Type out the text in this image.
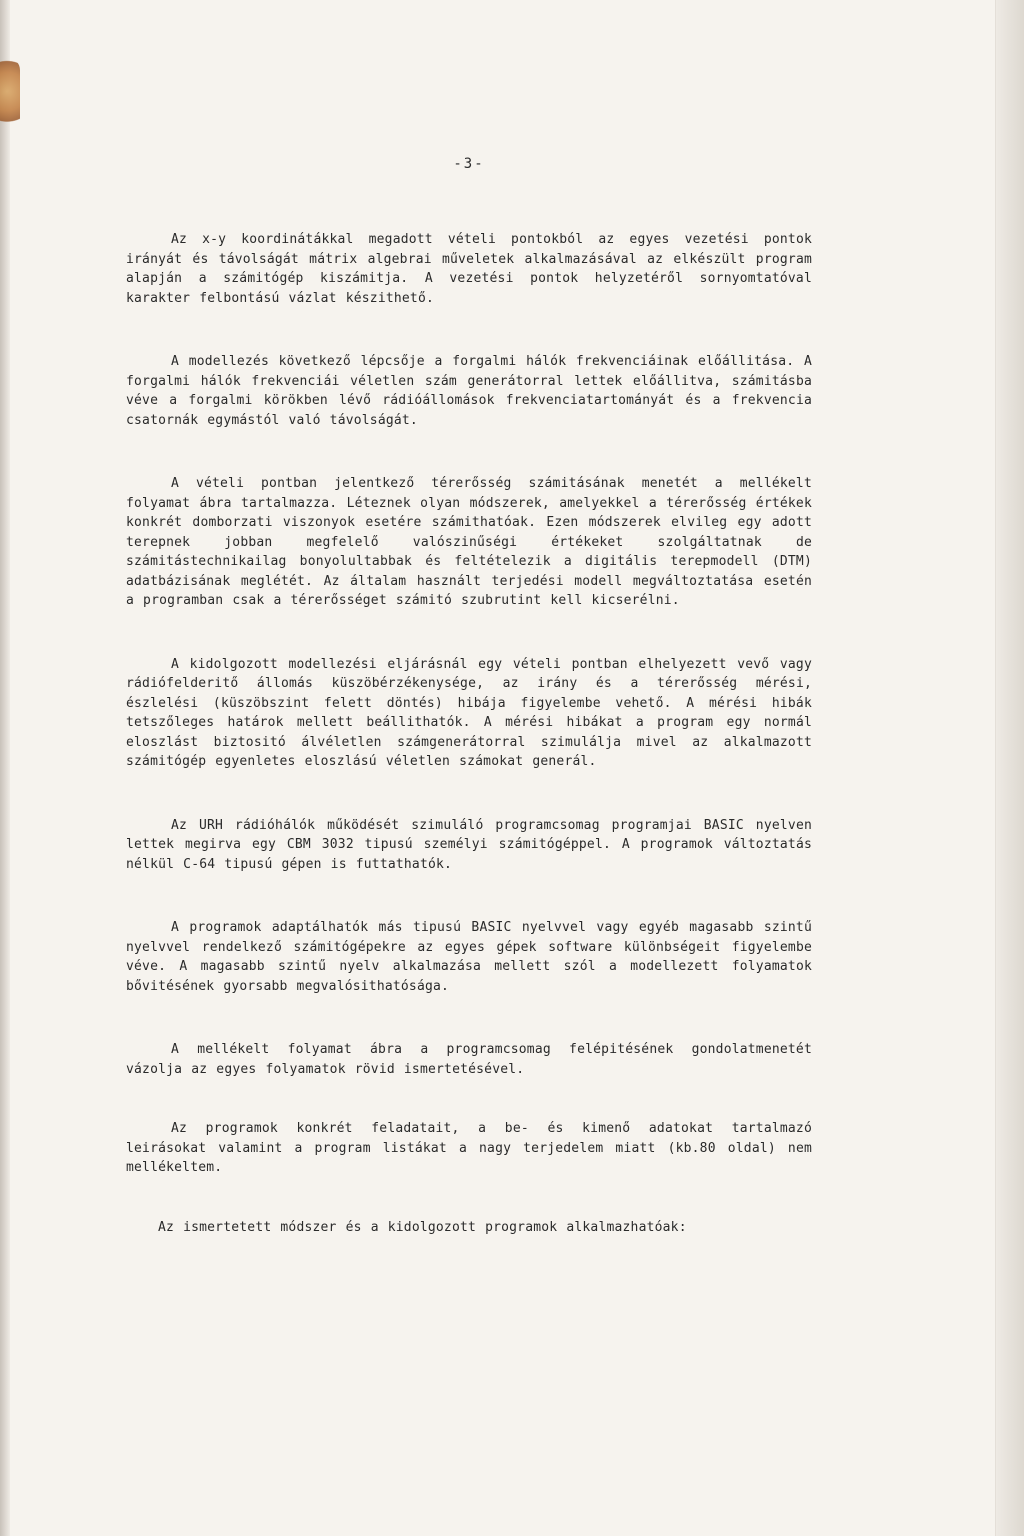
-3-

Az x-y koordinátákkal megadott vételi pontokból az egyes vezetési pontok irányát és távolságát mátrix algebrai műveletek alkalmazásával az elkészült program alapján a számitógép kiszámitja. A vezetési pontok helyzetéről sornyomtatóval karakter felbontású vázlat készithető.

A modellezés következő lépcsője a forgalmi hálók frekvenciáinak előállitása. A forgalmi hálók frekvenciái véletlen szám generátorral lettek előállitva, számitásba véve a forgalmi körökben lévő rádióállomások frekvenciatartományát és a frekvencia csatornák egymástól való távolságát.

A vételi pontban jelentkező térerősség számitásának menetét a mellékelt folyamat ábra tartalmazza. Léteznek olyan módszerek, amelyekkel a térerősség értékek konkrét domborzati viszonyok esetére számithatóak. Ezen módszerek elvileg egy adott terepnek jobban megfelelő valószinűségi értékeket szolgáltatnak de számitástechnikailag bonyolultabbak és feltételezik a digitális terepmodell (DTM) adatbázisának meglétét. Az általam használt terjedési modell megváltoztatása esetén a programban csak a térerősséget számitó szubrutint kell kicserélni.

A kidolgozott modellezési eljárásnál egy vételi pontban elhelyezett vevő vagy rádiófelderitő állomás küszöbérzékenysége, az irány és a térerősség mérési, észlelési (küszöbszint felett döntés) hibája figyelembe vehető. A mérési hibák tetszőleges határok mellett beállithatók. A mérési hibákat a program egy normál eloszlást biztositó álvéletlen számgenerátorral szimulálja mivel az alkalmazott számitógép egyenletes eloszlású véletlen számokat generál.

Az URH rádióhálók működését szimuláló programcsomag programjai BASIC nyelven lettek megirva egy CBM 3032 tipusú személyi számitógéppel. A programok változtatás nélkül C-64 tipusú gépen is futtathatók.

A programok adaptálhatók más tipusú BASIC nyelvvel vagy egyéb magasabb szintű nyelvvel rendelkező számitógépekre az egyes gépek software különbségeit figyelembe véve. A magasabb szintű nyelv alkalmazása mellett szól a modellezett folyamatok bővitésének gyorsabb megvalósithatósága.

A mellékelt folyamat ábra a programcsomag felépitésének gondolatmenetét vázolja az egyes folyamatok rövid ismertetésével.

Az programok konkrét feladatait, a be- és kimenő adatokat tartalmazó leirásokat valamint a program listákat a nagy terjedelem miatt (kb.80 oldal) nem mellékeltem.

Az ismertetett módszer és a kidolgozott programok alkalmazhatóak:
